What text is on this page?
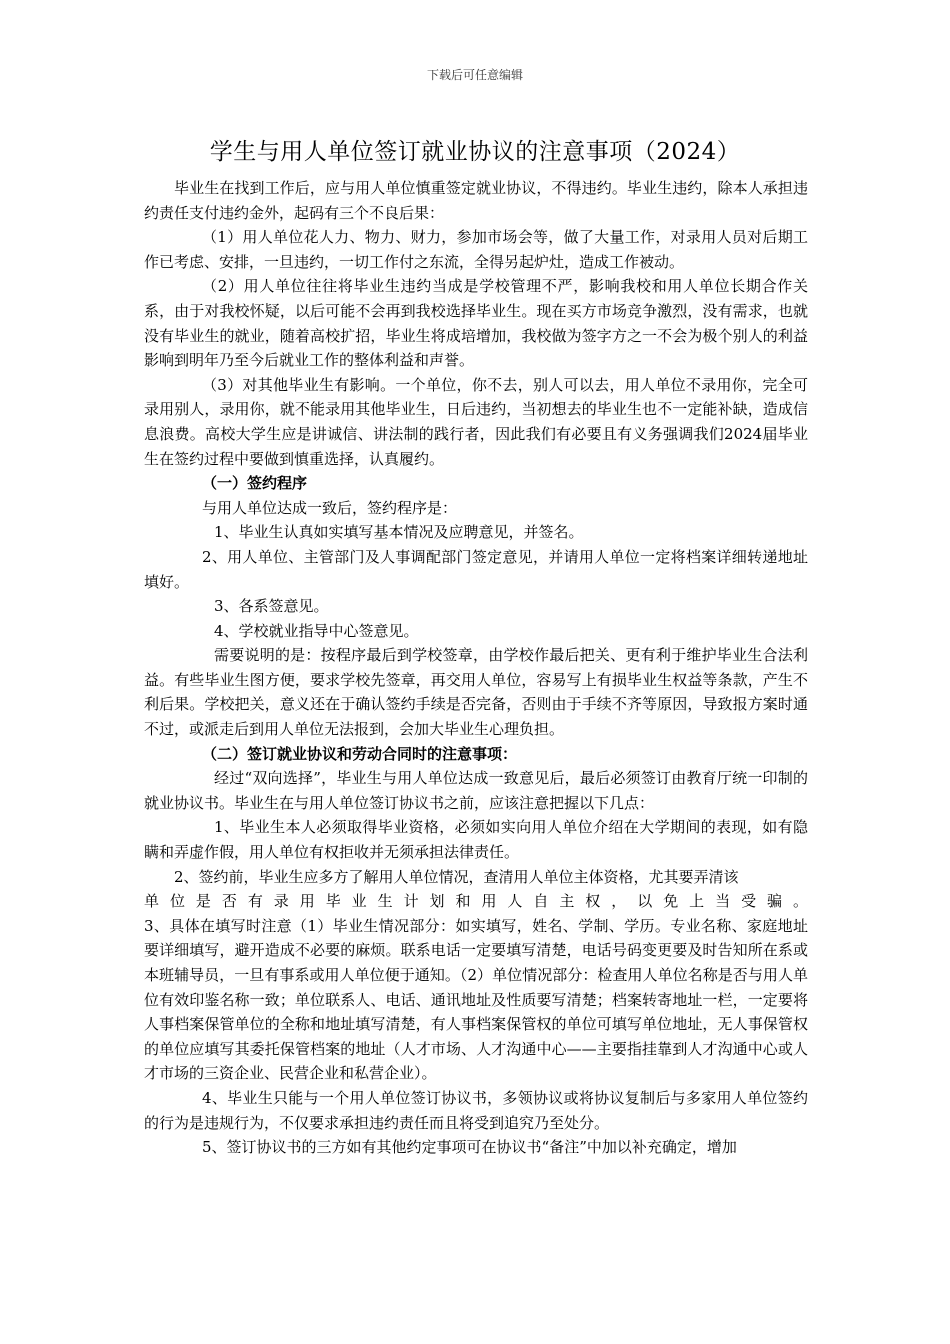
下载后可任意编辑
学生与用人单位签订就业协议的注意事项（2024）

毕业生在找到工作后，应与用人单位慎重签定就业协议，不得违约。毕业生违约，除本人承担违约责任支付违约金外，起码有三个不良后果：

（1）用人单位花人力、物力、财力，参加市场会等，做了大量工作，对录用人员对后期工作已考虑、安排，一旦违约，一切工作付之东流，全得另起炉灶，造成工作被动。

（2）用人单位往往将毕业生违约当成是学校管理不严，影响我校和用人单位长期合作关系，由于对我校怀疑，以后可能不会再到我校选择毕业生。现在买方市场竞争激烈，没有需求，也就没有毕业生的就业，随着高校扩招，毕业生将成培增加，我校做为签字方之一不会为极个别人的利益影响到明年乃至今后就业工作的整体利益和声誉。

（3）对其他毕业生有影响。一个单位，你不去，别人可以去，用人单位不录用你，完全可录用别人，录用你，就不能录用其他毕业生，日后违约，当初想去的毕业生也不一定能补缺，造成信息浪费。高校大学生应是讲诚信、讲法制的践行者，因此我们有必要且有义务强调我们2024届毕业生在签约过程中要做到慎重选择，认真履约。

（一）签约程序

与用人单位达成一致后，签约程序是：

1、毕业生认真如实填写基本情况及应聘意见，并签名。

2、用人单位、主管部门及人事调配部门签定意见，并请用人单位一定将档案详细转递地址填好。

3、各系签意见。

4、学校就业指导中心签意见。

需要说明的是：按程序最后到学校签章，由学校作最后把关、更有利于维护毕业生合法利益。有些毕业生图方便，要求学校先签章，再交用人单位，容易写上有损毕业生权益等条款，产生不利后果。学校把关，意义还在于确认签约手续是否完备，否则由于手续不齐等原因，导致报方案时通不过，或派走后到用人单位无法报到，会加大毕业生心理负担。

（二）签订就业协议和劳动合同时的注意事项：

经过“双向选择”，毕业生与用人单位达成一致意见后，最后必须签订由教育厅统一印制的就业协议书。毕业生在与用人单位签订协议书之前，应该注意把握以下几点：

1、毕业生本人必须取得毕业资格，必须如实向用人单位介绍在大学期间的表现，如有隐瞒和弄虚作假，用人单位有权拒收并无须承担法律责任。

2、签约前，毕业生应多方了解用人单位情况，查清用人单位主体资格，尤其要弄清该

单位是否有录用毕业生计划和用人自主权，以免上当受骗。

3、具体在填写时注意（1）毕业生情况部分：如实填写，姓名、学制、学历。专业名称、家庭地址要详细填写，避开造成不必要的麻烦。联系电话一定要填写清楚，电话号码变更要及时告知所在系或本班辅导员，一旦有事系或用人单位便于通知。（2）单位情况部分：检查用人单位名称是否与用人单位有效印鉴名称一致；单位联系人、电话、通讯地址及性质要写清楚；档案转寄地址一栏，一定要将人事档案保管单位的全称和地址填写清楚，有人事档案保管权的单位可填写单位地址，无人事保管权的单位应填写其委托保管档案的地址（人才市场、人才沟通中心——主要指挂靠到人才沟通中心或人才市场的三资企业、民营企业和私营企业）。

4、毕业生只能与一个用人单位签订协议书，多领协议或将协议复制后与多家用人单位签约的行为是违规行为，不仅要求承担违约责任而且将受到追究乃至处分。

5、签订协议书的三方如有其他约定事项可在协议书“备注”中加以补充确定，增加
